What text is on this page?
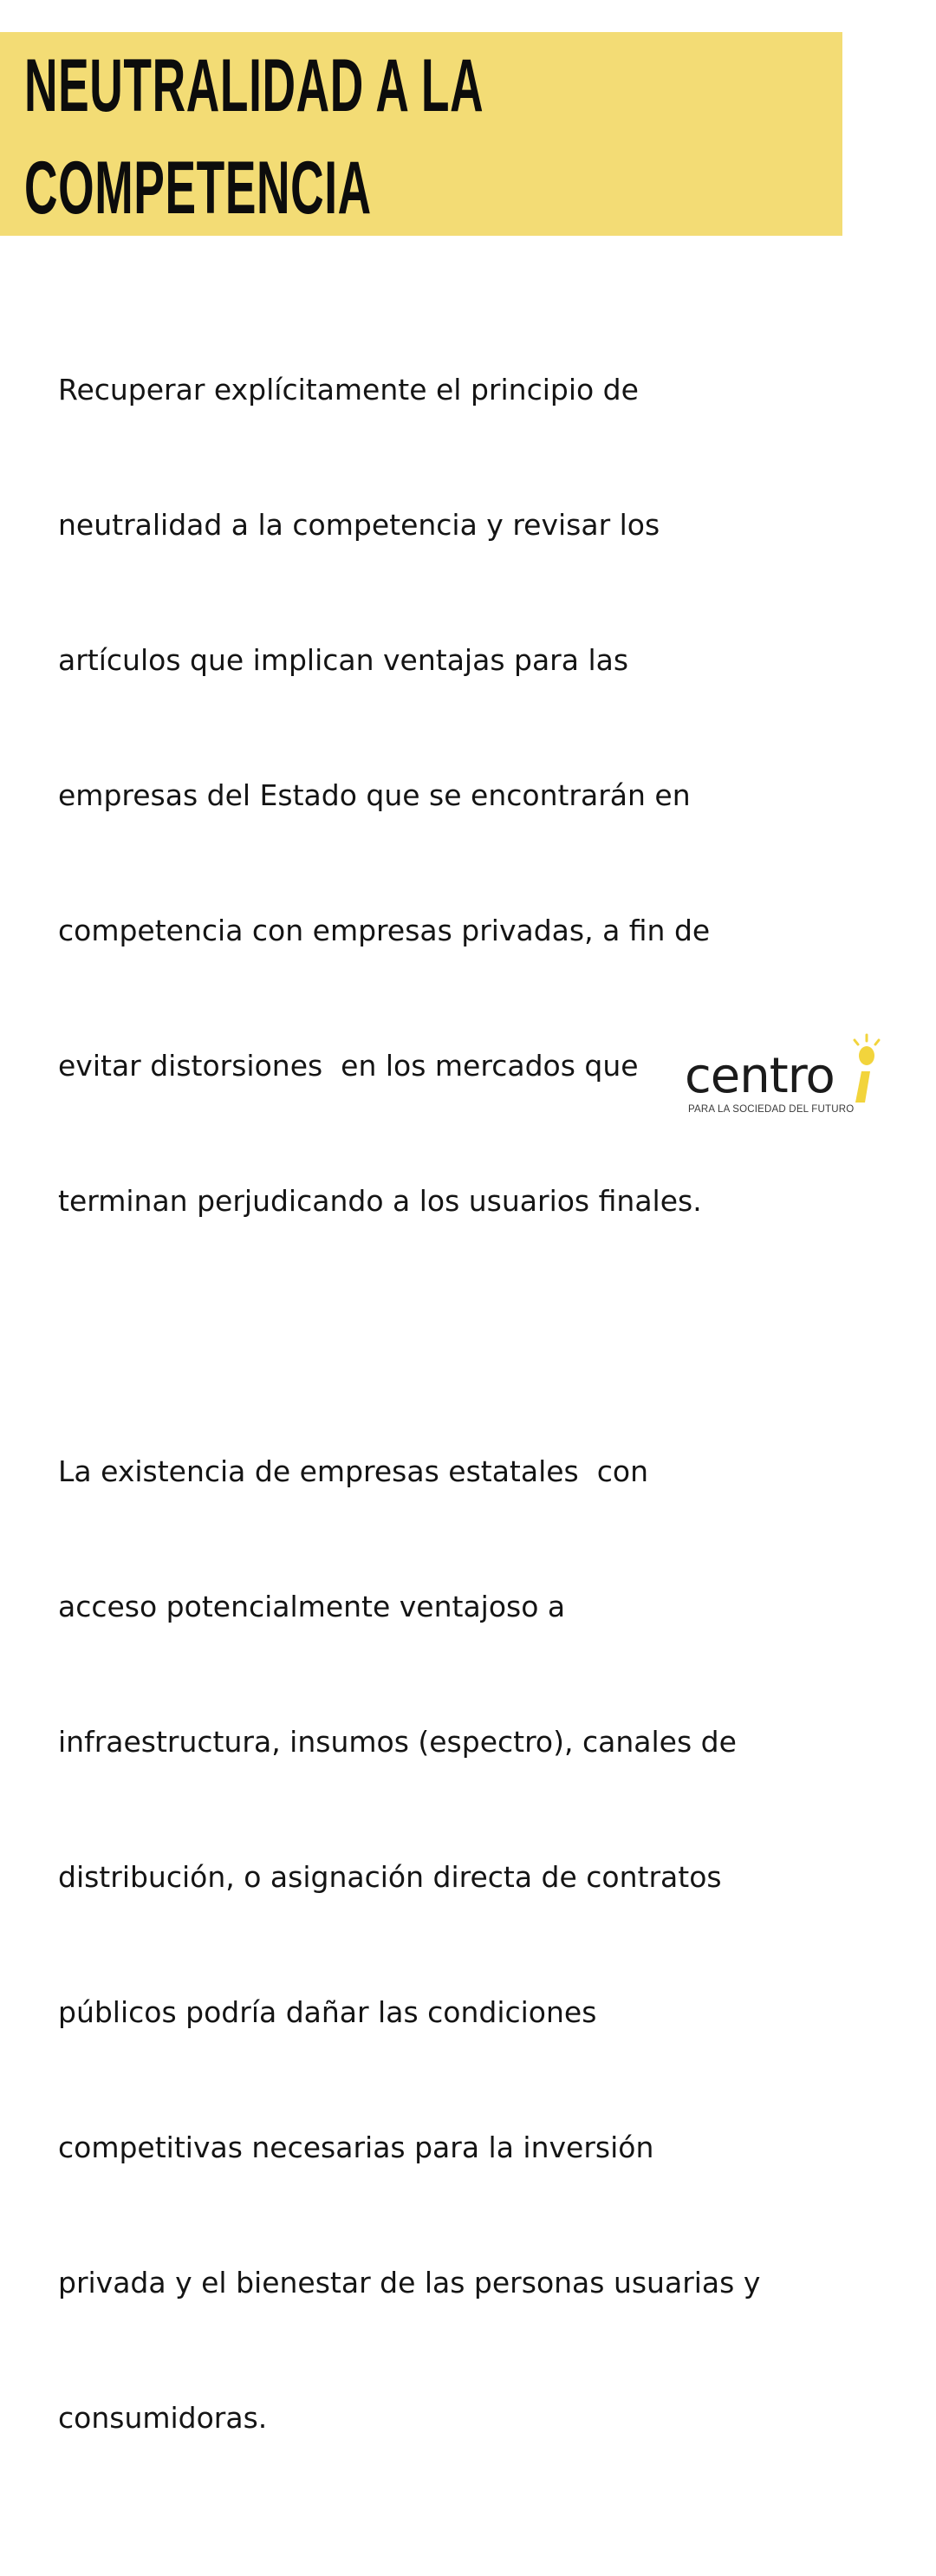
NEUTRALIDAD A LA
COMPETENCIA

Recuperar explícitamente el principio de

neutralidad a la competencia y revisar los

artículos que implican ventajas para las

empresas del Estado que se encontrarán en

competencia con empresas privadas, a fin de

evitar distorsiones  en los mercados que

terminan perjudicando a los usuarios finales.

La existencia de empresas estatales  con

acceso potencialmente ventajoso a

infraestructura, insumos (espectro), canales de

distribución, o asignación directa de contratos

públicos podría dañar las condiciones

competitivas necesarias para la inversión

privada y el bienestar de las personas usuarias y

consumidoras.

centro
PARA LA SOCIEDAD DEL FUTURO
